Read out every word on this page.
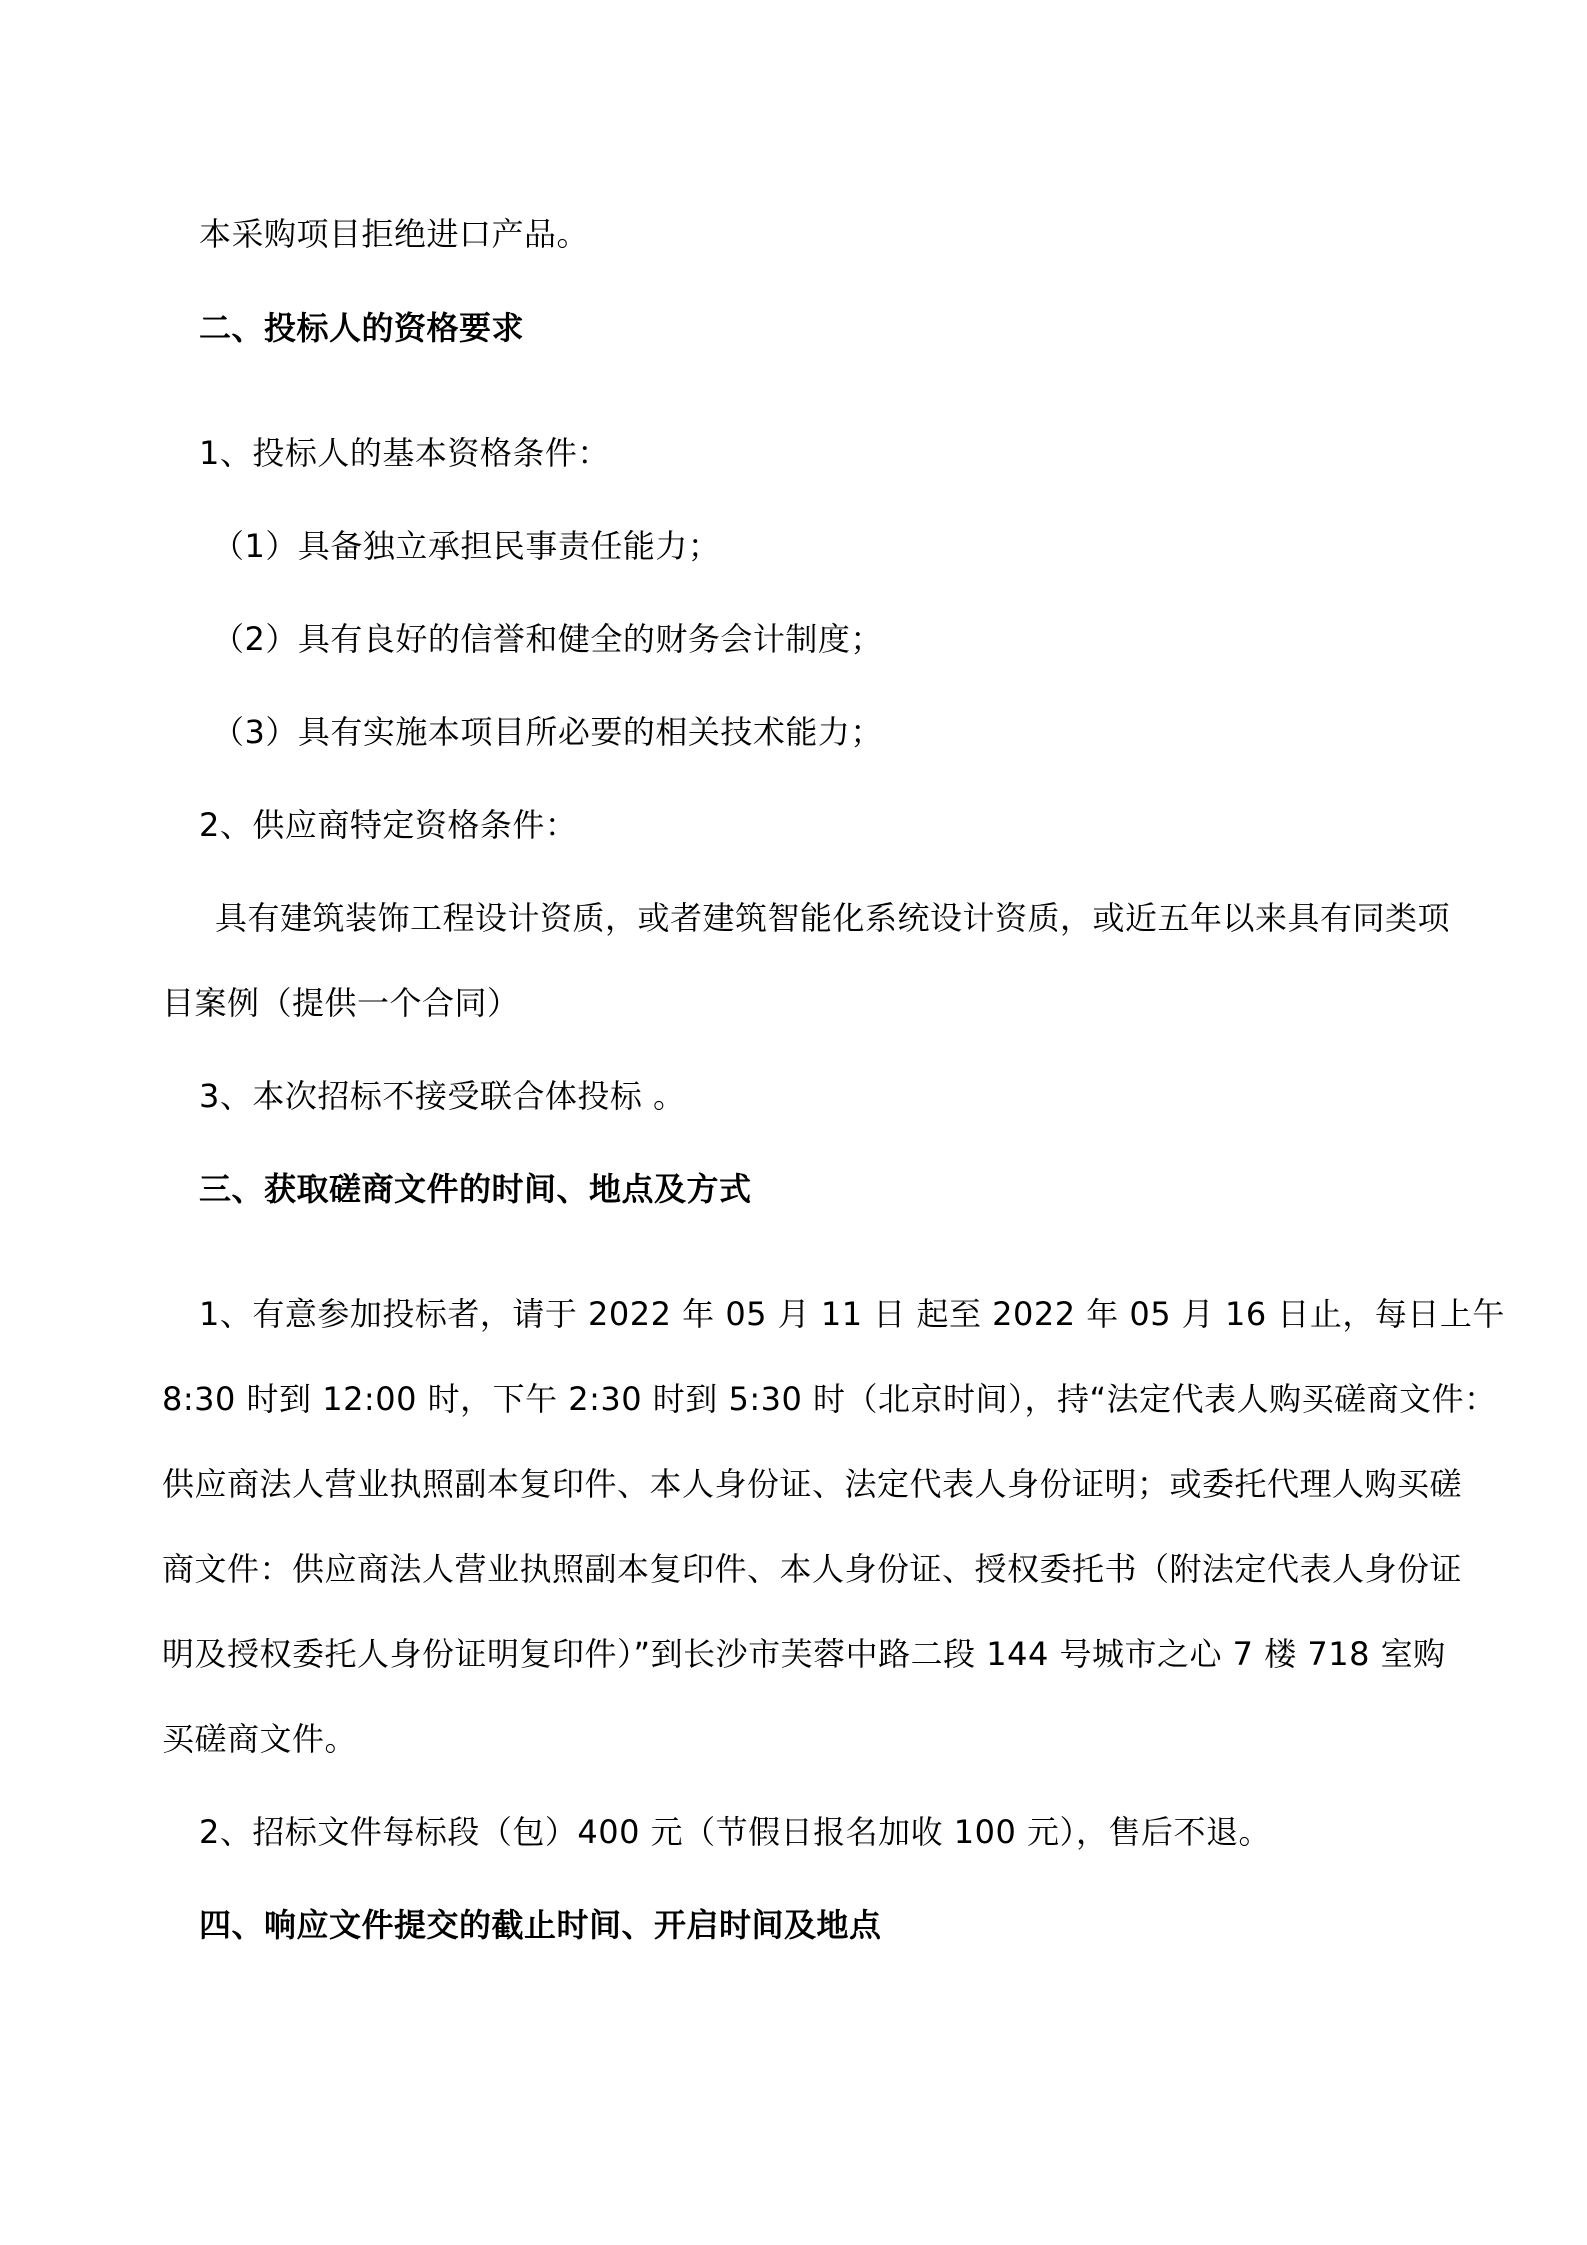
本采购项目拒绝进口产品。
二、投标人的资格要求
1、投标人的基本资格条件：
（1）具备独立承担民事责任能力；
（2）具有良好的信誉和健全的财务会计制度；
（3）具有实施本项目所必要的相关技术能力；
2、供应商特定资格条件：
具有建筑装饰工程设计资质，或者建筑智能化系统设计资质，或近五年以来具有同类项
目案例（提供一个合同）
3、本次招标不接受联合体投标 。
三、获取磋商文件的时间、地点及方式
1、有意参加投标者，请于 2022 年 05 月 11 日 起至 2022 年 05 月 16 日止，每日上午
8:30 时到 12:00 时，下午 2:30 时到 5:30 时（北京时间），持“法定代表人购买磋商文件：
供应商法人营业执照副本复印件、本人身份证、法定代表人身份证明；或委托代理人购买磋
商文件：供应商法人营业执照副本复印件、本人身份证、授权委托书（附法定代表人身份证
明及授权委托人身份证明复印件）”到长沙市芙蓉中路二段 144 号城市之心 7 楼 718 室购
买磋商文件。
2、招标文件每标段（包）400 元（节假日报名加收 100 元），售后不退。
四、响应文件提交的截止时间、开启时间及地点
